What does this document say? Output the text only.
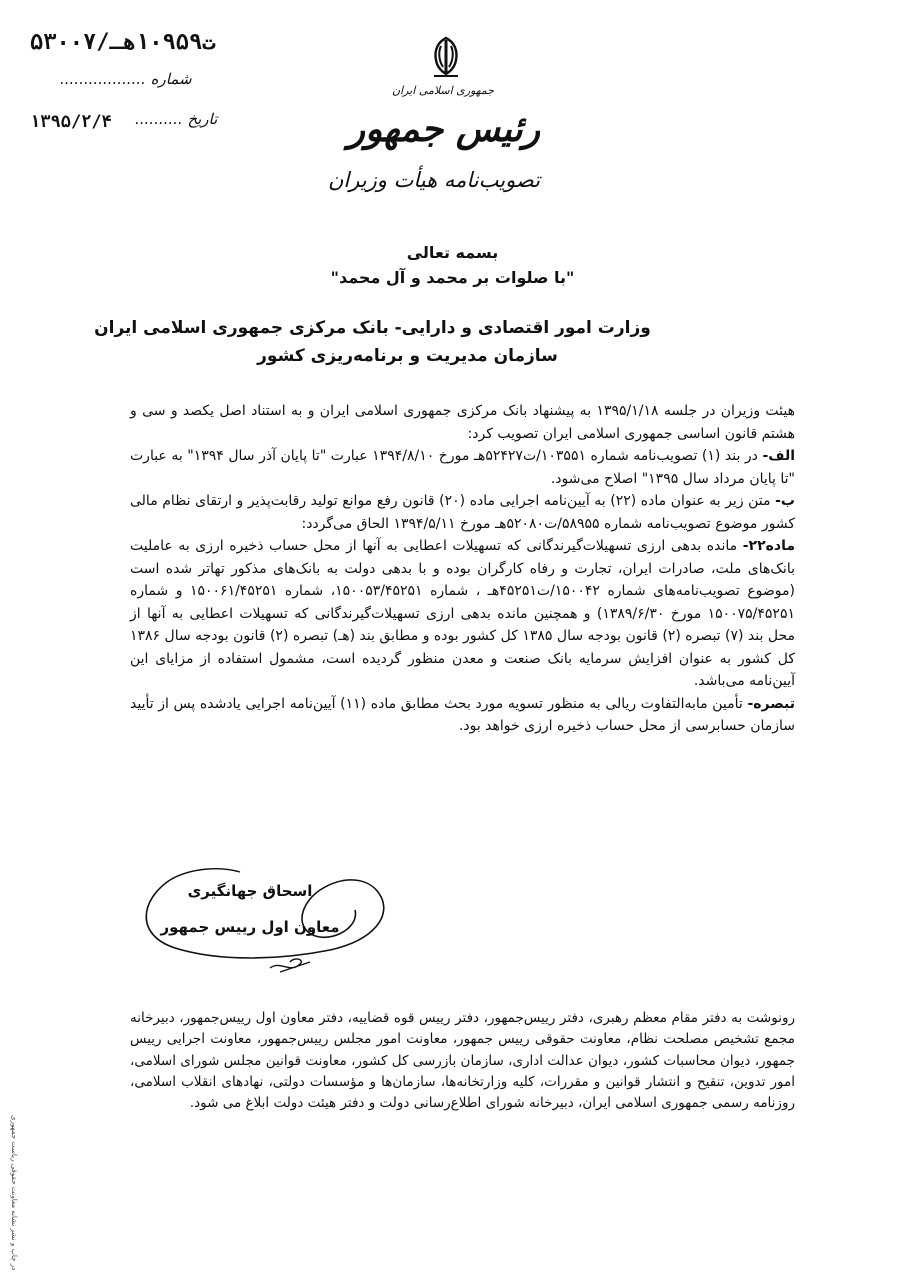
۵۳۰۰۷/ت۱۰۹۵۹هـ
شماره ..................
۱۳۹۵/۲/۴ تاریخ ..........
جمهوری اسلامی ایران
رئیس جمهور
تصویب‌نامه هیأت وزیران
بسمه تعالی
"با صلوات بر محمد و آل محمد"
وزارت امور اقتصادی و دارایی- بانک مرکزی جمهوری اسلامی ایران
سازمان مدیریت و برنامه‌ریزی کشور

هیئت وزیران در جلسه ۱۳۹۵/۱/۱۸ به پیشنهاد بانک مرکزی جمهوری اسلامی ایران و به استناد اصل یکصد و سی و هشتم قانون اساسی جمهوری اسلامی ایران تصویب کرد:

الف- در بند (۱) تصویب‌نامه شماره ۱۰۳۵۵۱/ت۵۲۴۲۷هـ مورخ ۱۳۹۴/۸/۱۰ عبارت "تا پایان آذر سال ۱۳۹۴" به عبارت "تا پایان مرداد سال ۱۳۹۵" اصلاح می‌شود.

ب- متن زیر به عنوان ماده (۲۲) به آیین‌نامه اجرایی ماده (۲۰) قانون رفع موانع تولید رقابت‌پذیر و ارتقای نظام مالی کشور موضوع تصویب‌نامه شماره ۵۸۹۵۵/ت۵۲۰۸۰هـ مورخ ۱۳۹۴/۵/۱۱ الحاق می‌گردد:

ماده۲۲- مانده بدهی ارزی تسهیلات‌گیرندگانی که تسهیلات اعطایی به آنها از محل حساب ذخیره ارزی به عاملیت بانک‌های ملت، صادرات ایران، تجارت و رفاه کارگران بوده و با بدهی دولت به بانک‌های مذکور تهاتر شده است (موضوع تصویب‌نامه‌های شماره ۱۵۰۰۴۲/ت۴۵۲۵۱هـ ، شماره ۱۵۰۰۵۳/۴۵۲۵۱، شماره ۱۵۰۰۶۱/۴۵۲۵۱ و شماره ۱۵۰۰۷۵/۴۵۲۵۱ مورخ ۱۳۸۹/۶/۳۰) و همچنین مانده بدهی ارزی تسهیلات‌گیرندگانی که تسهیلات اعطایی به آنها از محل بند (۷) تبصره (۲) قانون بودجه سال ۱۳۸۵ کل کشور بوده و مطابق بند (هـ) تبصره (۲) قانون بودجه سال ۱۳۸۶ کل کشور به عنوان افزایش سرمایه بانک صنعت و معدن منظور گردیده است، مشمول استفاده از مزایای این آیین‌نامه می‌باشد.

تبصره- تأمین مابه‌التفاوت ریالی به منظور تسویه مورد بحث مطابق ماده (۱۱) آیین‌نامه اجرایی یادشده پس از تأیید سازمان حسابرسی از محل حساب ذخیره ارزی خواهد بود.

اسحاق جهانگیری
معاون اول رییس جمهور
رونوشت به دفتر مقام معظم رهبری، دفتر رییس‌جمهور، دفتر رییس قوه قضاییه، دفتر معاون اول رییس‌جمهور، دبیرخانه مجمع تشخیص مصلحت نظام، معاونت حقوقی رییس جمهور، معاونت امور مجلس رییس‌جمهور، معاونت اجرایی رییس جمهور، دیوان محاسبات کشور، دیوان عدالت اداری، سازمان بازرسی کل کشور، معاونت قوانین مجلس شورای اسلامی، امور تدوین، تنقیح و انتشار قوانین و مقررات، کلیه وزارتخانه‌ها، سازمان‌ها و مؤسسات دولتی، نهادهای انقلاب اسلامی، روزنامه رسمی جمهوری اسلامی ایران، دبیرخانه شورای اطلاع‌رسانی دولت و دفتر هیئت دولت ابلاغ می شود.
در چاپ و نشر نشانه معاونت حقوقی ریاست جمهوری
